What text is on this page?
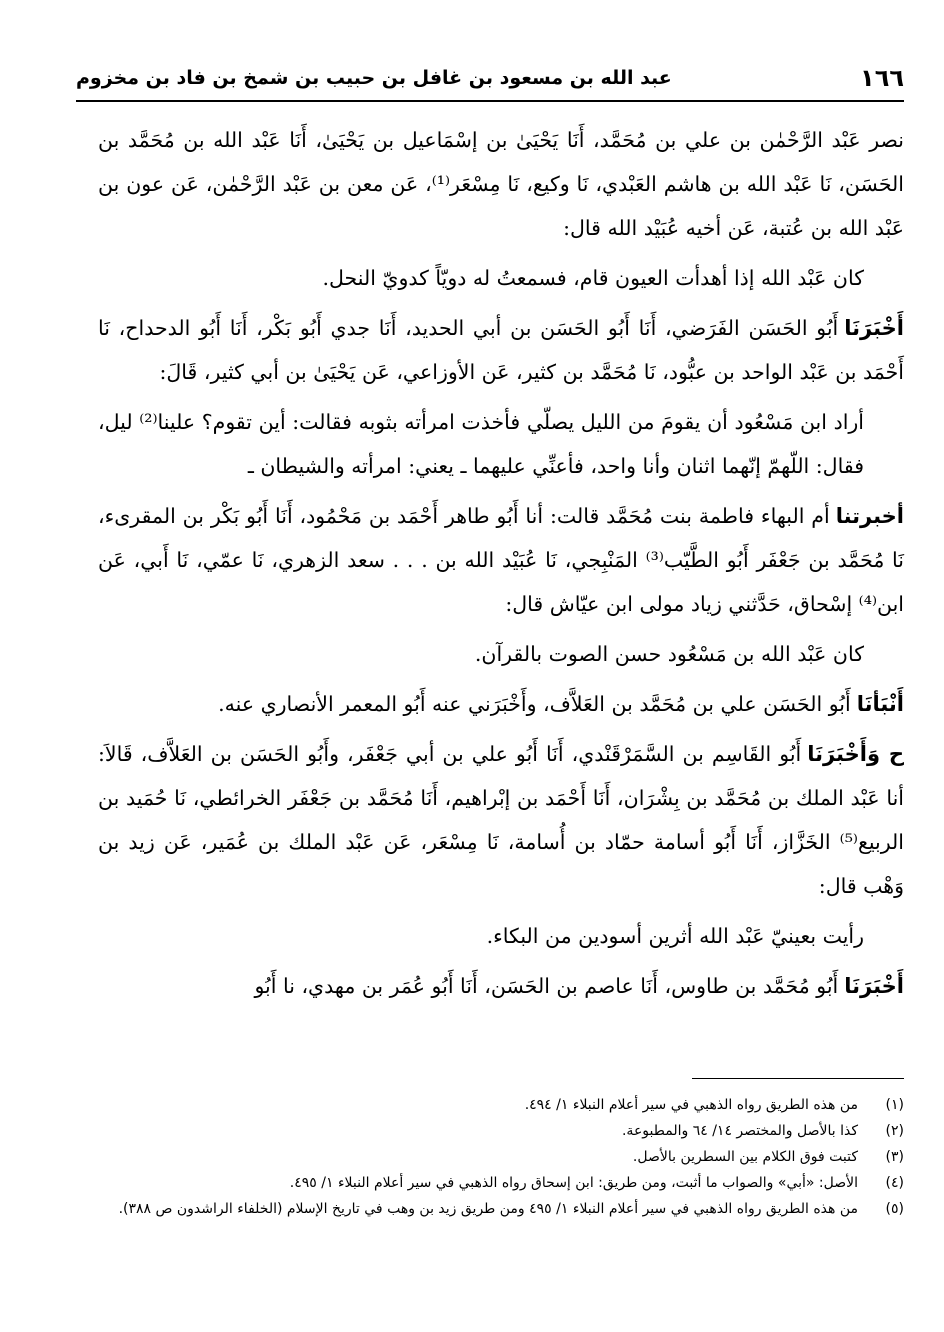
١٦٦
عبد الله بن مسعود بن غافل بن حبيب بن شمخ بن فاد بن مخزوم

نصر عَبْد الرَّحْمٰن بن علي بن مُحَمَّد، أَنَا يَحْيَىٰ بن إسْمَاعيل بن يَحْيَىٰ، أَنَا عَبْد الله بن مُحَمَّد بن الحَسَن، نَا عَبْد الله بن هاشم العَبْدي، نَا وكيع، نَا مِسْعَر⁽¹⁾، عَن معن بن عَبْد الرَّحْمٰن، عَن عون بن عَبْد الله بن عُتبة، عَن أخيه عُبَيْد الله قال:

كان عَبْد الله إذا أهدأت العيون قام، فسمعتُ له دويّاً كدويّ النحل.

أَخْبَرَنَاأَبُو الحَسَن الفَرَضي، أَنَا أَبُو الحَسَن بن أبي الحديد، أَنَا جدي أَبُو بَكْر، أَنَا أَبُو الدحداح، نَا أَحْمَد بن عَبْد الواحد بن عبُّود، نَا مُحَمَّد بن كثير، عَن الأوزاعي، عَن يَحْيَىٰ بن أبي كثير، قَالَ:

أراد ابن مَسْعُود أن يقومَ من الليل يصلّي فأخذت امرأته بثوبه فقالت: أين تقوم؟ علينا⁽²⁾ ليل، فقال: اللّهمّ إنّهما اثنان وأنا واحد، فأعنِّي عليهما ـ يعني: امرأته والشيطان ـ

أخبرتناأم البهاء فاطمة بنت مُحَمَّد قالت: أنا أَبُو طاهر أَحْمَد بن مَحْمُود، أَنَا أَبُو بَكْر بن المقرىء، نَا مُحَمَّد بن جَعْفَر أَبُو الطَّيّب⁽³⁾ المَنْبِجي، نَا عُبَيْد الله بن . . . سعد الزهري، نَا عمّي، نَا أَبي، عَن ابن⁽⁴⁾ إسْحاق، حَدَّثني زياد مولى ابن عيّاش قال:

كان عَبْد الله بن مَسْعُود حسن الصوت بالقرآن.

أَنْبَأنَاأَبُو الحَسَن علي بن مُحَمَّد بن العَلاَّف، وأَخْبَرَني عنه أَبُو المعمر الأنصاري عنه.

ح وَأَخْبَرَنَاأَبُو القَاسِم بن السَّمَرْقَنْدي، أَنَا أَبُو علي بن أبي جَعْفَر، وأَبُو الحَسَن بن العَلاَّف، قَالاَ: أنا عَبْد الملك بن مُحَمَّد بن بِشْرَان، أَنَا أَحْمَد بن إبْراهيم، أَنَا مُحَمَّد بن جَعْفَر الخرائطي، نَا حُمَيد بن الربيع⁽⁵⁾ الخَزَّاز، أَنَا أَبُو أسامة حمّاد بن أُسامة، نَا مِسْعَر، عَن عَبْد الملك بن عُمَير، عَن زيد بن وَهْب قال:

رأيت بعينيّ عَبْد الله أثرين أسودين من البكاء.

أَخْبَرَنَاأَبُو مُحَمَّد بن طاوس، أَنَا عاصم بن الحَسَن، أَنَا أَبُو عُمَر بن مهدي، نا أَبُو

(١)
من هذه الطريق رواه الذهبي في سير أعلام النبلاء ١/ ٤٩٤.
(٢)
كذا بالأصل والمختصر ١٤/ ٦٤ والمطبوعة.
(٣)
كتبت فوق الكلام بين السطرين بالأصل.
(٤)
الأصل: «أبي» والصواب ما أثبت، ومن طريق: ابن إسحاق رواه الذهبي في سير أعلام النبلاء ١/ ٤٩٥.
(٥)
من هذه الطريق رواه الذهبي في سير أعلام النبلاء ١/ ٤٩٥ ومن طريق زيد بن وهب في تاريخ الإسلام (الخلفاء الراشدون ص ٣٨٨).
